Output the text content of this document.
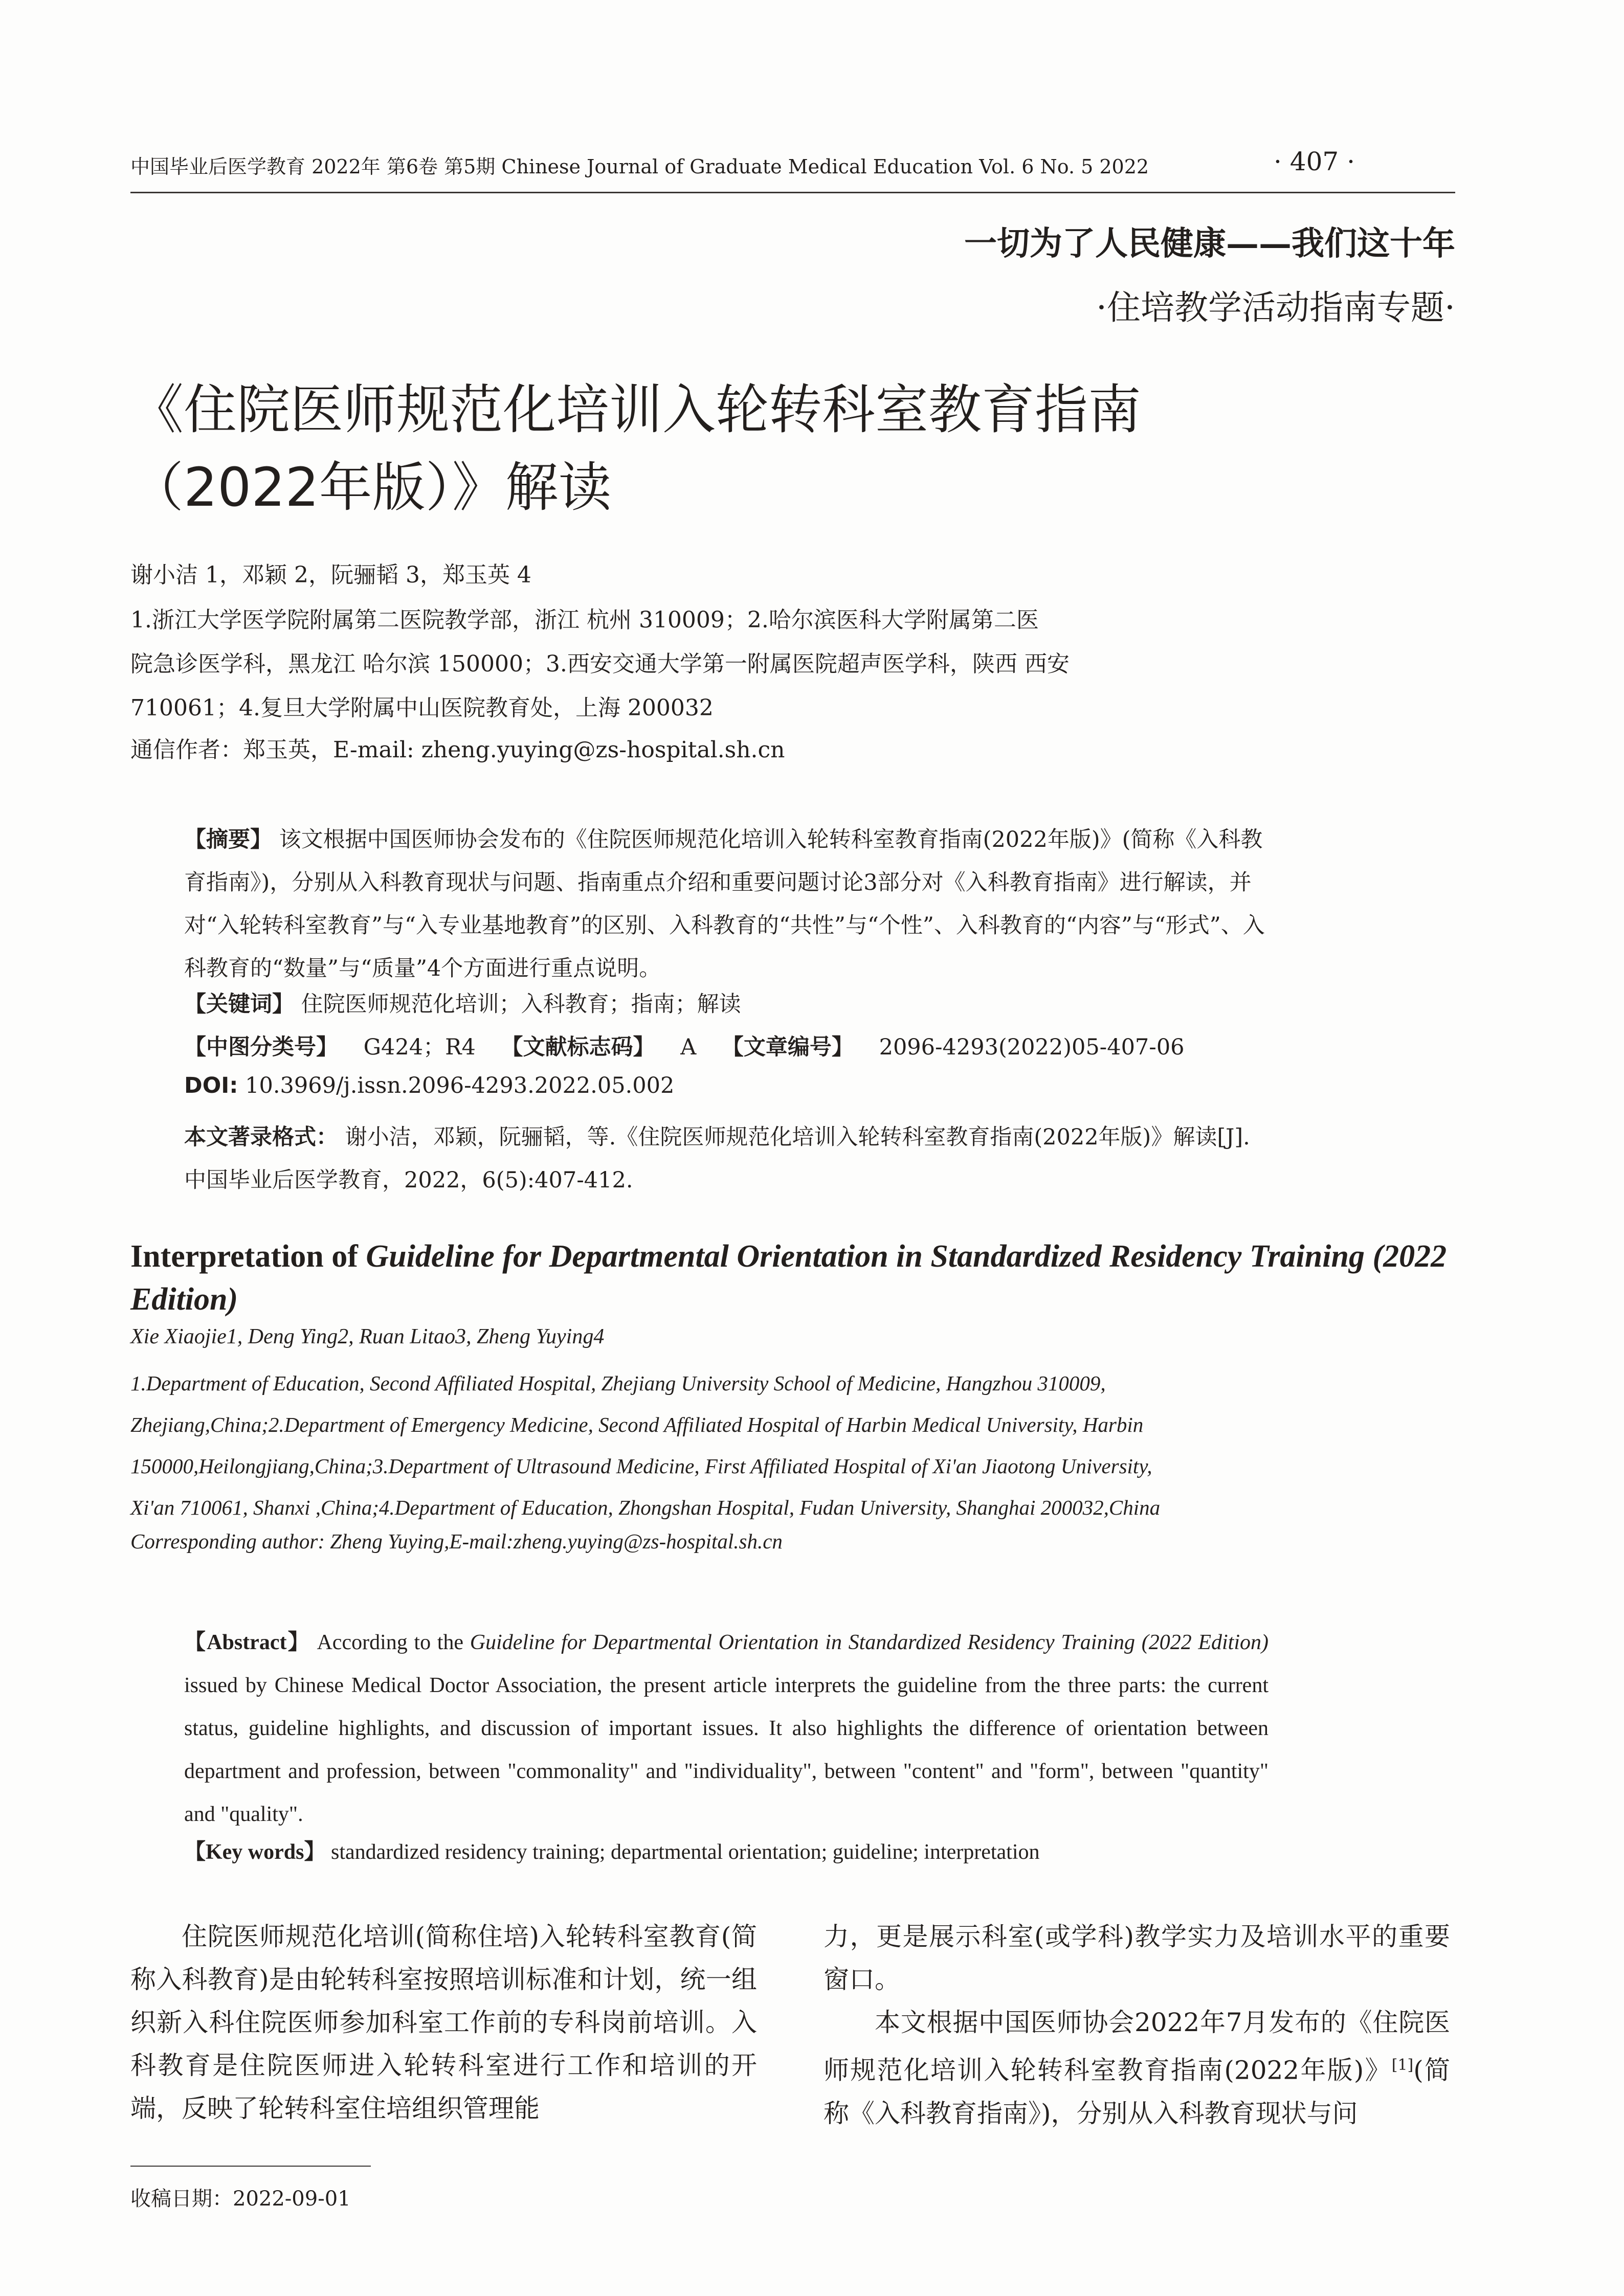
中国毕业后医学教育 2022年 第6卷 第5期 Chinese Journal of Graduate Medical Education Vol. 6 No. 5 2022	· 407 ·
一切为了人民健康——我们这十年
·住培教学活动指南专题·
《住院医师规范化培训入轮转科室教育指南
（2022年版）》解读
谢小洁 1，邓颖 2，阮骊韬 3，郑玉英 4
1.浙江大学医学院附属第二医院教学部，浙江 杭州 310009；2.哈尔滨医科大学附属第二医
院急诊医学科，黑龙江 哈尔滨 150000；3.西安交通大学第一附属医院超声医学科，陕西 西安
710061；4.复旦大学附属中山医院教育处，上海 200032
通信作者：郑玉英，E-mail: zheng.yuying@zs-hospital.sh.cn
【摘要】 该文根据中国医师协会发布的《住院医师规范化培训入轮转科室教育指南(2022年版)》(简称《入科教育指南》)，分别从入科教育现状与问题、指南重点介绍和重要问题讨论3部分对《入科教育指南》进行解读，并对“入轮转科室教育”与“入专业基地教育”的区别、入科教育的“共性”与“个性”、入科教育的“内容”与“形式”、入科教育的“数量”与“质量”4个方面进行重点说明。
【关键词】 住院医师规范化培训；入科教育；指南；解读
【中图分类号】 G424；R4 【文献标志码】 A 【文章编号】 2096-4293(2022)05-407-06
DOI: 10.3969/j.issn.2096-4293.2022.05.002
本文著录格式： 谢小洁，邓颖，阮骊韬，等.《住院医师规范化培训入轮转科室教育指南(2022年版)》解读[J].中国毕业后医学教育，2022，6(5):407-412.
Interpretation of Guideline for Departmental Orientation in Standardized Residency Training (2022 Edition)
Xie Xiaojie1, Deng Ying2, Ruan Litao3, Zheng Yuying4
1.Department of Education, Second Affiliated Hospital, Zhejiang University School of Medicine, Hangzhou 310009,
Zhejiang,China;2.Department of Emergency Medicine, Second Affiliated Hospital of Harbin Medical University, Harbin
150000,Heilongjiang,China;3.Department of Ultrasound Medicine, First Affiliated Hospital of Xi'an Jiaotong University,
Xi'an 710061, Shanxi ,China;4.Department of Education, Zhongshan Hospital, Fudan University, Shanghai 200032,China
Corresponding author: Zheng Yuying,E-mail:zheng.yuying@zs-hospital.sh.cn
【Abstract】 According to the Guideline for Departmental Orientation in Standardized Residency Training (2022 Edition) issued by Chinese Medical Doctor Association, the present article interprets the guideline from the three parts: the current status, guideline highlights, and discussion of important issues. It also highlights the difference of orientation between department and profession, between "commonality" and "individuality", between "content" and "form", between "quantity" and "quality".
【Key words】 standardized residency training; departmental orientation; guideline; interpretation

住院医师规范化培训(简称住培)入轮转科室教育(简称入科教育)是由轮转科室按照培训标准和计划，统一组织新入科住院医师参加科室工作前的专科岗前培训。入科教育是住院医师进入轮转科室进行工作和培训的开端，反映了轮转科室住培组织管理能

力，更是展示科室(或学科)教学实力及培训水平的重要窗口。

本文根据中国医师协会2022年7月发布的《住院医师规范化培训入轮转科室教育指南(2022年版)》[1](简称《入科教育指南》)，分别从入科教育现状与问

收稿日期：2022-09-01
